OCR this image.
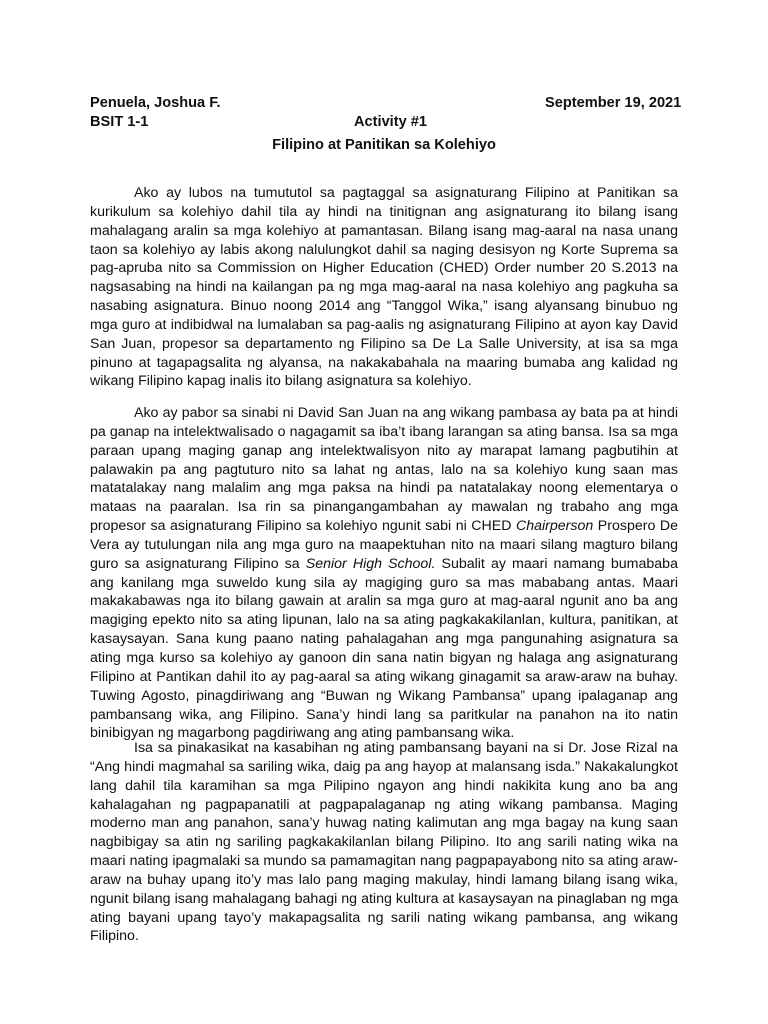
Penuela, Joshua F.
BSIT 1-1
September 19, 2021
Activity #1
Filipino at Panitikan sa Kolehiyo

Ako ay lubos na tumututol sa pagtaggal sa asignaturang Filipino at Panitikan sa kurikulum sa kolehiyo dahil tila ay hindi na tinitignan ang asignaturang ito bilang isang mahalagang aralin sa mga kolehiyo at pamantasan. Bilang isang mag-aaral na nasa unang taon sa kolehiyo ay labis akong nalulungkot dahil sa naging desisyon ng Korte Suprema sa pag-apruba nito sa Commission on Higher Education (CHED) Order number 20 S.2013 na nagsasabing na hindi na kailangan pa ng mga mag-aaral na nasa kolehiyo ang pagkuha sa nasabing asignatura. Binuo noong 2014 ang “Tanggol Wika,” isang alyansang binubuo ng mga guro at indibidwal na lumalaban sa pag-aalis ng asignaturang Filipino at ayon kay David San Juan, propesor sa departamento ng Filipino sa De La Salle University, at isa sa mga pinuno at tagapagsalita ng alyansa, na nakakabahala na maaring bumaba ang kalidad ng wikang Filipino kapag inalis ito bilang asignatura sa kolehiyo.

Ako ay pabor sa sinabi ni David San Juan na ang wikang pambasa ay bata pa at hindi pa ganap na intelektwalisado o nagagamit sa iba’t ibang larangan sa ating bansa. Isa sa mga paraan upang maging ganap ang intelektwalisyon nito ay marapat lamang pagbutihin at palawakin pa ang pagtuturo nito sa lahat ng antas, lalo na sa kolehiyo kung saan mas matatalakay nang malalim ang mga paksa na hindi pa natatalakay noong elementarya o mataas na paaralan. Isa rin sa pinangangambahan ay mawalan ng trabaho ang mga propesor sa asignaturang Filipino sa kolehiyo ngunit sabi ni CHED Chairperson Prospero De Vera ay tutulungan nila ang mga guro na maapektuhan nito na maari silang magturo bilang guro sa asignaturang Filipino sa Senior High School. Subalit ay maari namang bumababa ang kanilang mga suweldo kung sila ay magiging guro sa mas mababang antas. Maari makakabawas nga ito bilang gawain at aralin sa mga guro at mag-aaral ngunit ano ba ang magiging epekto nito sa ating lipunan, lalo na sa ating pagkakakilanlan, kultura, panitikan, at kasaysayan. Sana kung paano nating pahalagahan ang mga pangunahing asignatura sa ating mga kurso sa kolehiyo ay ganoon din sana natin bigyan ng halaga ang asignaturang Filipino at Pantikan dahil ito ay pag-aaral sa ating wikang ginagamit sa araw-araw na buhay. Tuwing Agosto, pinagdiriwang ang “Buwan ng Wikang Pambansa” upang ipalaganap ang pambansang wika, ang Filipino. Sana’y hindi lang sa paritkular na panahon na ito natin binibigyan ng magarbong pagdiriwang ang ating pambansang wika.

Isa sa pinakasikat na kasabihan ng ating pambansang bayani na si Dr. Jose Rizal na “Ang hindi magmahal sa sariling wika, daig pa ang hayop at malansang isda.” Nakakalungkot lang dahil tila karamihan sa mga Pilipino ngayon ang hindi nakikita kung ano ba ang kahalagahan ng pagpapanatili at pagpapalaganap ng ating wikang pambansa. Maging moderno man ang panahon, sana’y huwag nating kalimutan ang mga bagay na kung saan nagbibigay sa atin ng sariling pagkakakilanlan bilang Pilipino. Ito ang sarili nating wika na maari nating ipagmalaki sa mundo sa pamamagitan nang pagpapayabong nito sa ating araw-araw na buhay upang ito’y mas lalo pang maging makulay, hindi lamang bilang isang wika, ngunit bilang isang mahalagang bahagi ng ating kultura at kasaysayan na pinaglaban ng mga ating bayani upang tayo’y makapagsalita ng sarili nating wikang pambansa, ang wikang Filipino.
